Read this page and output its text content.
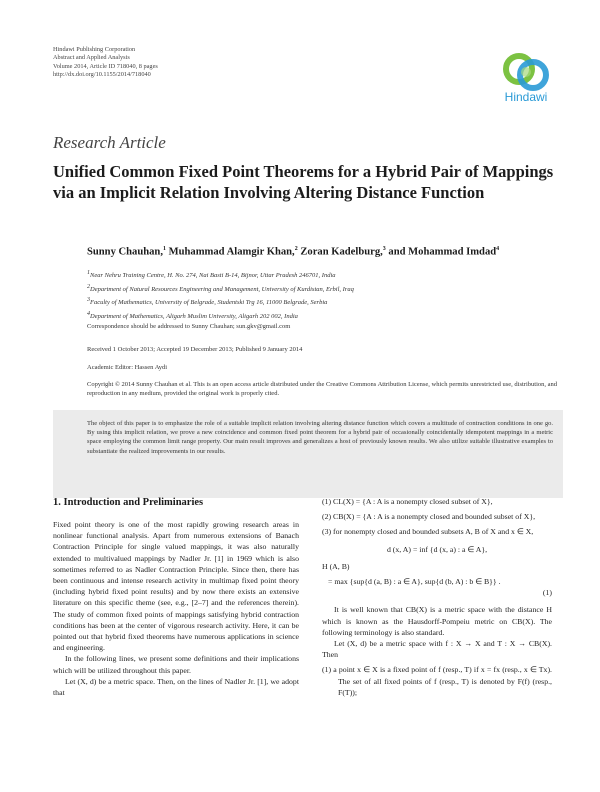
Hindawi Publishing Corporation
Abstract and Applied Analysis
Volume 2014, Article ID 718040, 8 pages
http://dx.doi.org/10.1155/2014/718040
Hindawi
Research Article
Unified Common Fixed Point Theorems for a Hybrid Pair of Mappings via an Implicit Relation Involving Altering Distance Function
Sunny Chauhan,$^1$ Muhammad Alamgir Khan,$^2$ Zoran Kadelburg,$^3$ and Mohammad Imdad$^4$
$^1$Near Nehru Training Centre, H. No. 274, Nai Basti B-14, Bijnor, Uttar Pradesh 246701, India
$^2$Department of Natural Resources Engineering and Management, University of Kurdistan, Erbil, Iraq
$^3$Faculty of Mathematics, University of Belgrade, Studentski Trg 16, 11000 Belgrade, Serbia
$^4$Department of Mathematics, Aligarh Muslim University, Aligarh 202 002, India
Correspondence should be addressed to Sunny Chauhan; sun.gkv@gmail.com
Received 1 October 2013; Accepted 19 December 2013; Published 9 January 2014
Academic Editor: Hassen Aydi
Copyright © 2014 Sunny Chauhan et al. This is an open access article distributed under the Creative Commons Attribution License, which permits unrestricted use, distribution, and reproduction in any medium, provided the original work is properly cited.
The object of this paper is to emphasize the role of a suitable implicit relation involving altering distance function which covers a multitude of contraction conditions in one go. By using this implicit relation, we prove a new coincidence and common fixed point theorem for a hybrid pair of occasionally coincidentally idempotent mappings in a metric space employing the common limit range property. Our main result improves and generalizes a host of previously known results. We also utilize suitable illustrative examples to substantiate the realized improvements in our results.
1. Introduction and Preliminaries

Fixed point theory is one of the most rapidly growing research areas in nonlinear functional analysis. Apart from numerous extensions of Banach Contraction Principle for single valued mappings, it was also naturally extended to multivalued mappings by Nadler Jr. [1] in 1969 which is also sometimes referred to as Nadler Contraction Principle. Since then, there has been continuous and intense research activity in multimap fixed point theory (including hybrid fixed point results) and by now there exists an extensive literature on this specific theme (see, e.g., [2–7] and the references therein). The study of common fixed points of mappings satisfying hybrid contraction conditions has been at the center of vigorous research activity. Here, it can be pointed out that hybrid fixed theorems have numerous applications in science and engineering.

In the following lines, we present some definitions and their implications which will be utilized throughout this paper.

Let (X, d) be a metric space. Then, on the lines of Nadler Jr. [1], we adopt that

(1) CL(X) = {A : A is a nonempty closed subset of X},

(2) CB(X) = {A : A is a nonempty closed and bounded subset of X},

(3) for nonempty closed and bounded subsets A, B of X and x ∈ X,

d (x, A) = inf {d (x, a) : a ∈ A},

H (A, B)

= max {sup{d (a, B) : a ∈ A}, sup{d (b, A) : b ∈ B}} .

(1)

It is well known that CB(X) is a metric space with the distance H which is known as the Hausdorff-Pompeiu metric on CB(X). The following terminology is also standard.

Let (X, d) be a metric space with f : X → X and T : X → CB(X). Then

(1) a point x ∈ X is a fixed point of f (resp., T) if x = fx (resp., x ∈ Tx). The set of all fixed points of f (resp., T) is denoted by F(f) (resp., F(T));
